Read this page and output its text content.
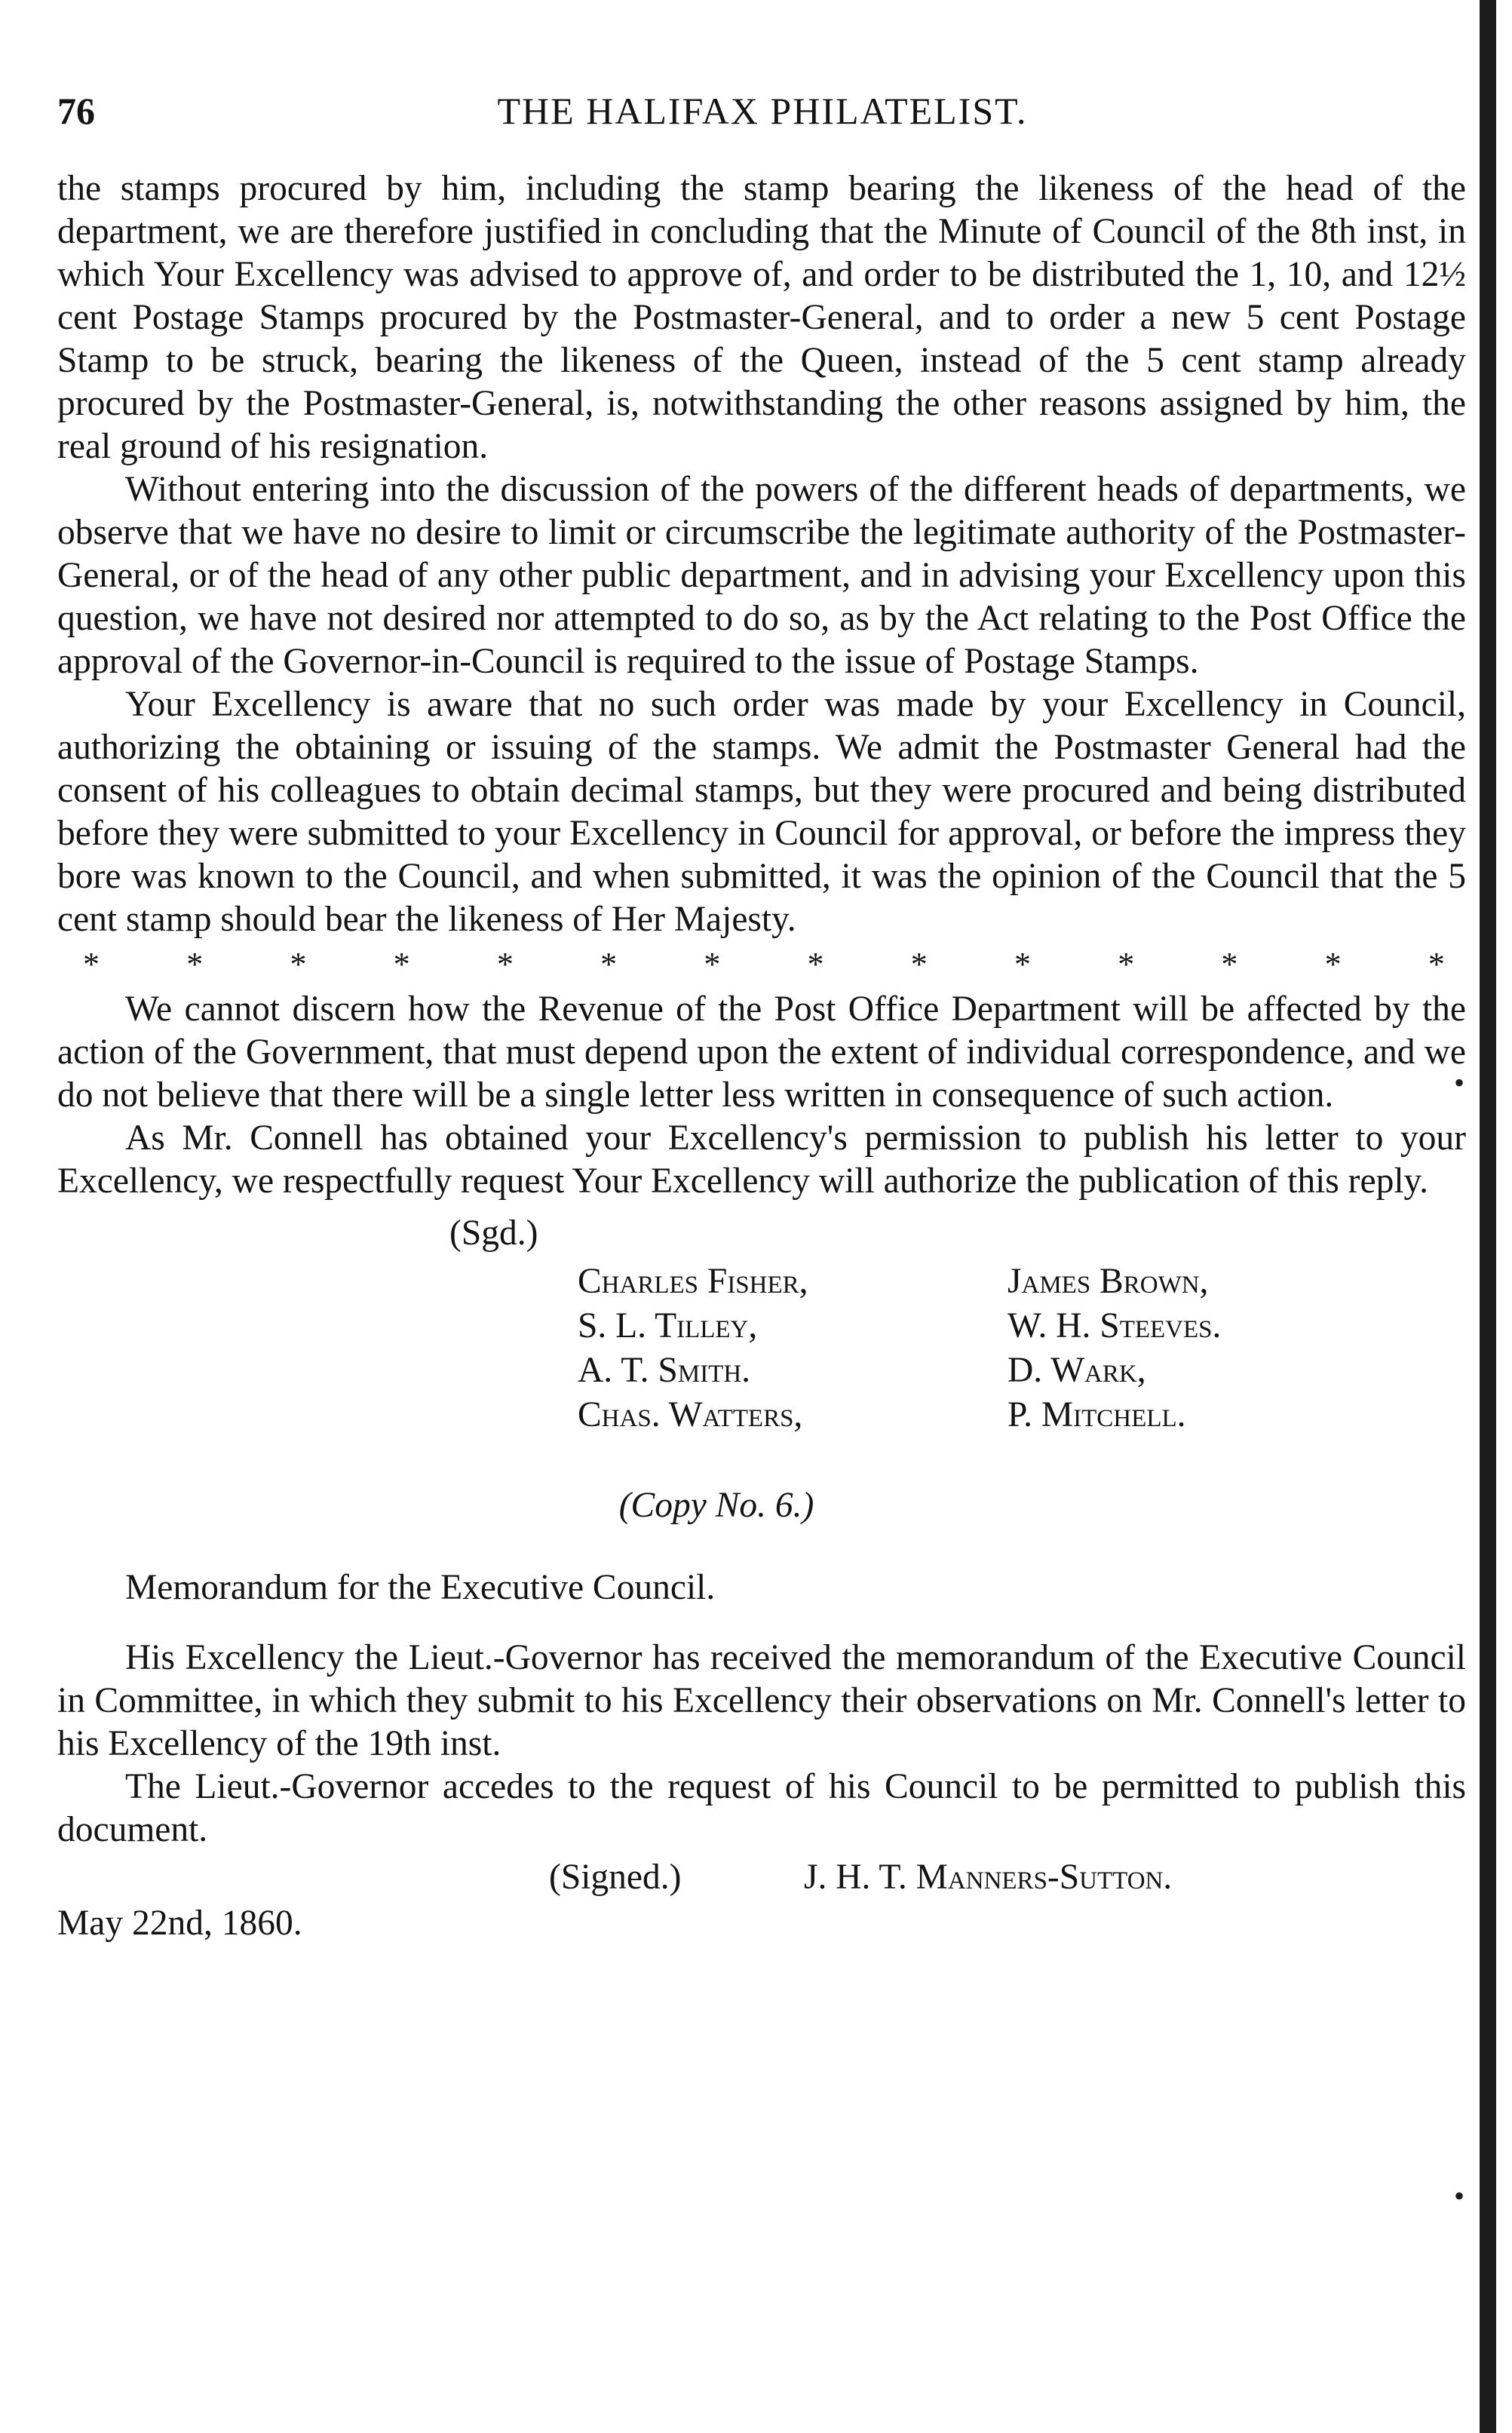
•
•
76	THE HALIFAX PHILATELIST.

the stamps procured by him, including the stamp bearing the likeness of the head of the department, we are therefore justified in concluding that the Minute of Council of the 8th inst, in which Your Excellency was advised to approve of, and order to be distributed the 1, 10, and 12½ cent Postage Stamps procured by the Postmaster-General, and to order a new 5 cent Postage Stamp to be struck, bearing the likeness of the Queen, instead of the 5 cent stamp already procured by the Postmaster-General, is, notwithstanding the other reasons assigned by him, the real ground of his resignation.

Without entering into the discussion of the powers of the different heads of departments, we observe that we have no desire to limit or circumscribe the legitimate authority of the Postmaster-General, or of the head of any other public department, and in advising your Excellency upon this question, we have not desired nor attempted to do so, as by the Act relating to the Post Office the approval of the Governor-in-Council is required to the issue of Postage Stamps.

Your Excellency is aware that no such order was made by your Excellency in Council, authorizing the obtaining or issuing of the stamps. We admit the Postmaster General had the consent of his colleagues to obtain decimal stamps, but they were procured and being distributed before they were submitted to your Excellency in Council for approval, or before the impress they bore was known to the Council, and when submitted, it was the opinion of the Council that the 5 cent stamp should bear the likeness of Her Majesty.

*	*	*	*	*	*	*	*	*	*	*	*	*	*

We cannot discern how the Revenue of the Post Office Department will be affected by the action of the Government, that must depend upon the extent of individual correspondence, and we do not believe that there will be a single letter less written in consequence of such action.

As Mr. Connell has obtained your Excellency's permission to publish his letter to your Excellency, we respectfully request Your Excellency will authorize the publication of this reply.

(Sgd.)
Charles Fisher,	James Brown,
S. L. Tilley,	W. H. Steeves.
A. T. Smith.	D. Wark,
Chas. Watters,	P. Mitchell.
(Copy No. 6.)
Memorandum for the Executive Council.

His Excellency the Lieut.-Governor has received the memorandum of the Executive Council in Committee, in which they submit to his Excellency their observations on Mr. Connell's letter to his Excellency of the 19th inst.

The Lieut.-Governor accedes to the request of his Council to be permitted to publish this document.

(Signed.)	J. H. T. Manners-Sutton.
May 22nd, 1860.
